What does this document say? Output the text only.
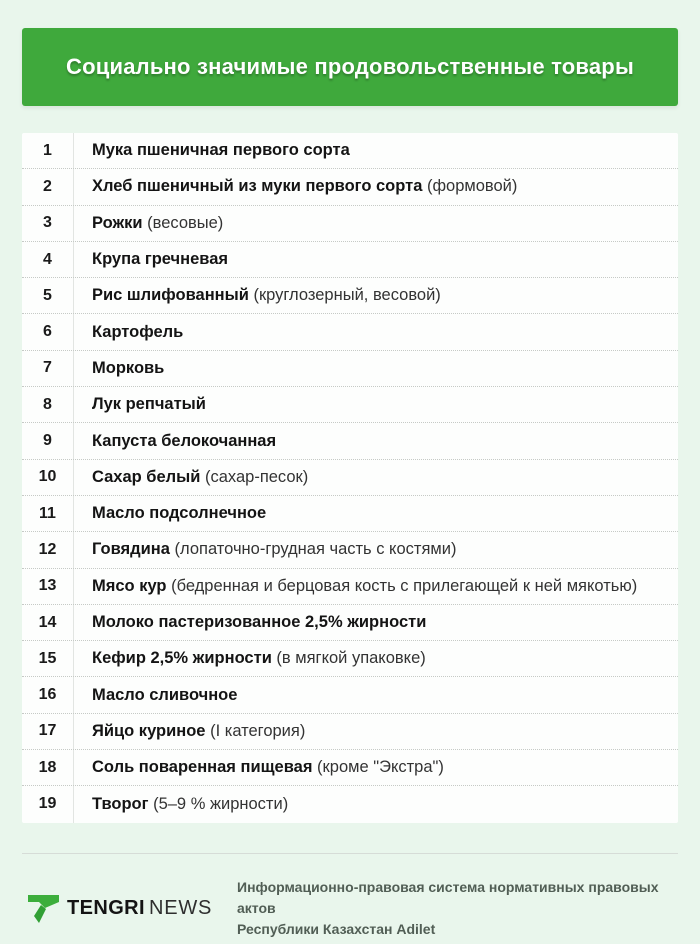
Социально значимые продовольственные товары
1	Мука пшеничная первого сорта
2	Хлеб пшеничный из муки первого сорта (формовой)
3	Рожки (весовые)
4	Крупа гречневая
5	Рис шлифованный (круглозерный, весовой)
6	Картофель
7	Морковь
8	Лук репчатый
9	Капуста белокочанная
10	Сахар белый (сахар-песок)
11	Масло подсолнечное
12	Говядина (лопаточно-грудная часть с костями)
13	Мясо кур (бедренная и берцовая кость с прилегающей к ней мякотью)
14	Молоко пастеризованное 2,5% жирности
15	Кефир 2,5% жирности (в мягкой упаковке)
16	Масло сливочное
17	Яйцо куриное (I категория)
18	Соль поваренная пищевая (кроме "Экстра")
19	Творог (5–9 % жирности)
TENGRI NEWS
Информационно-правовая система нормативных правовых актов
Республики Казахстан Adilet
